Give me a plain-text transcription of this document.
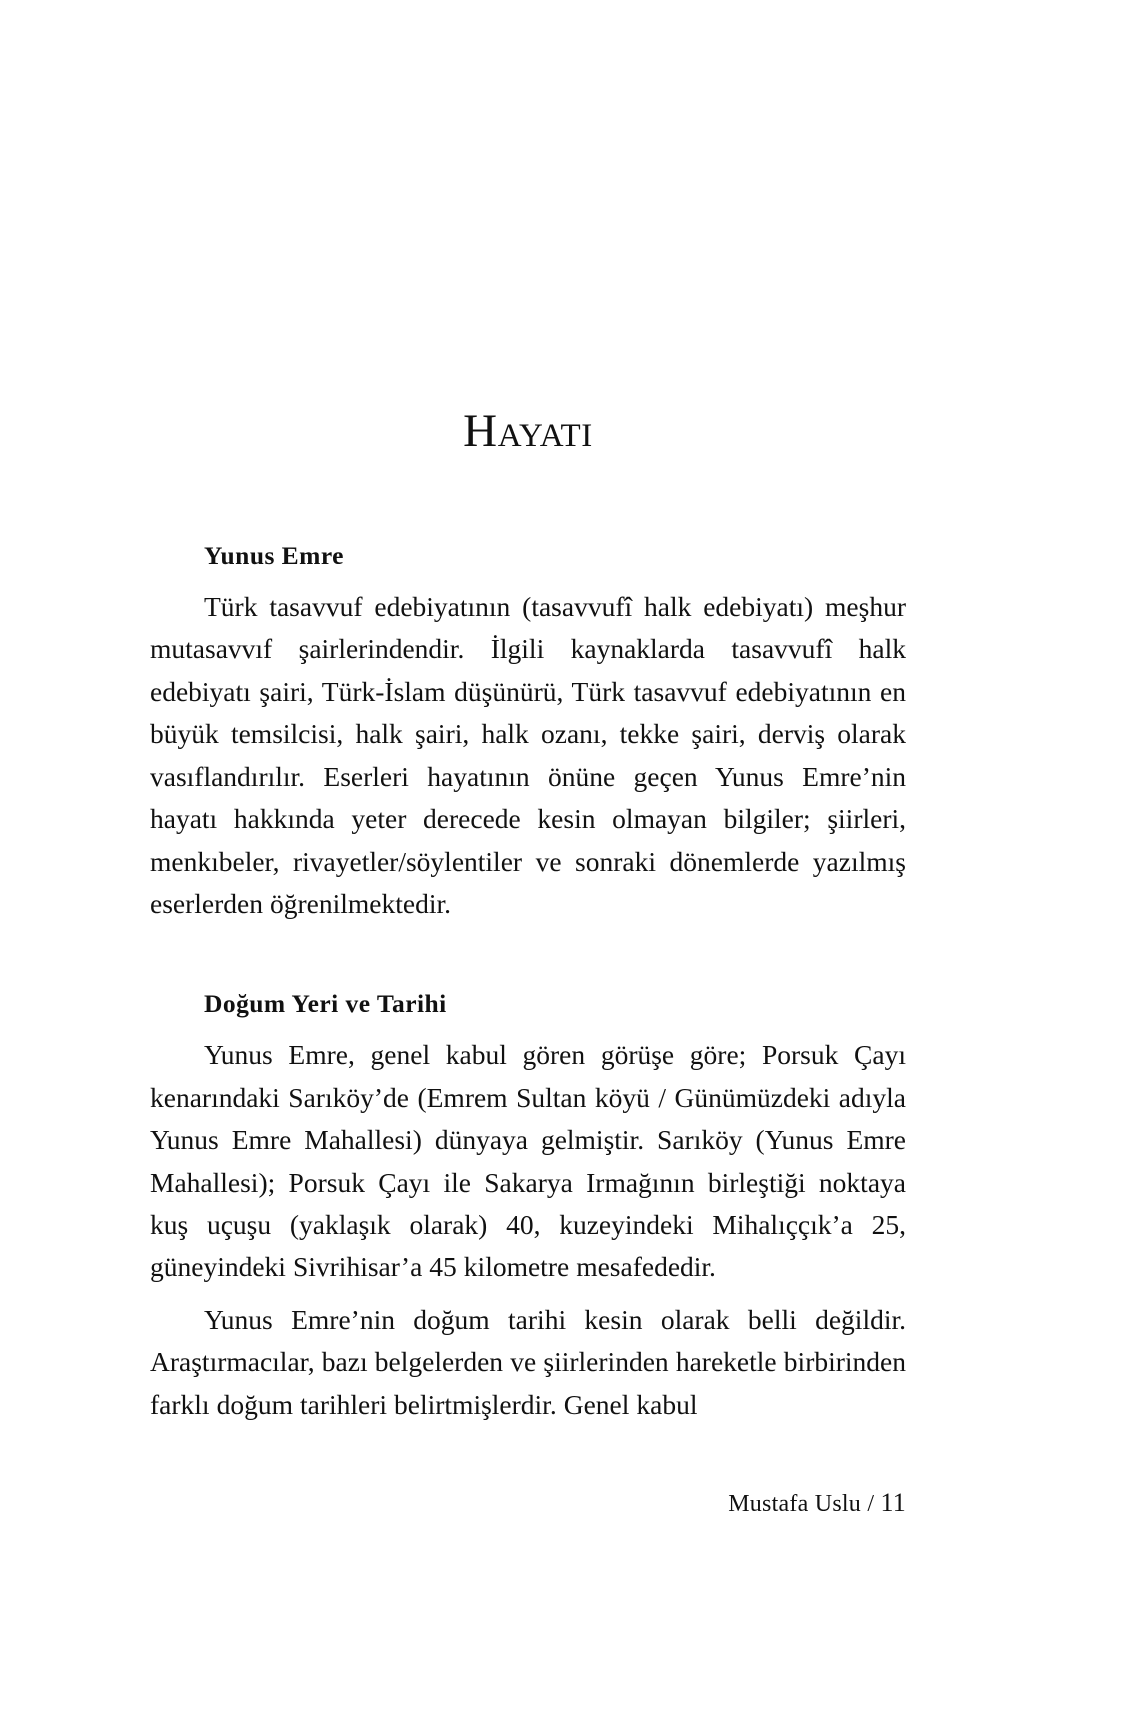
Hayatı
Yunus Emre

Türk tasavvuf edebiyatının (tasavvufî halk edebiyatı) meşhur mutasavvıf şairlerindendir. İlgili kaynaklarda tasavvufî halk edebiyatı şairi, Türk-İslam düşünürü, Türk tasavvuf edebiyatının en büyük temsilcisi, halk şairi, halk ozanı, tekke şairi, derviş olarak vasıflandırılır. Eserleri hayatının önüne geçen Yunus Emre’nin hayatı hakkında yeter derecede kesin olmayan bilgiler; şiirleri, menkıbeler, rivayetler/söylentiler ve sonraki dönemlerde yazılmış eserlerden öğrenilmektedir.

Doğum Yeri ve Tarihi

Yunus Emre, genel kabul gören görüşe göre; Porsuk Çayı kenarındaki Sarıköy’de (Emrem Sultan köyü / Günümüzdeki adıyla Yunus Emre Mahallesi) dünyaya gelmiştir. Sarıköy (Yunus Emre Mahallesi); Porsuk Çayı ile Sakarya Irmağının birleştiği noktaya kuş uçuşu (yaklaşık olarak) 40, kuzeyindeki Mihalıççık’a 25, güneyindeki Sivrihisar’a 45 kilometre mesafededir.

Yunus Emre’nin doğum tarihi kesin olarak belli değildir. Araştırmacılar, bazı belgelerden ve şiirlerinden hareketle birbirinden farklı doğum tarihleri belirtmişlerdir. Genel kabul

Mustafa Uslu / 11
